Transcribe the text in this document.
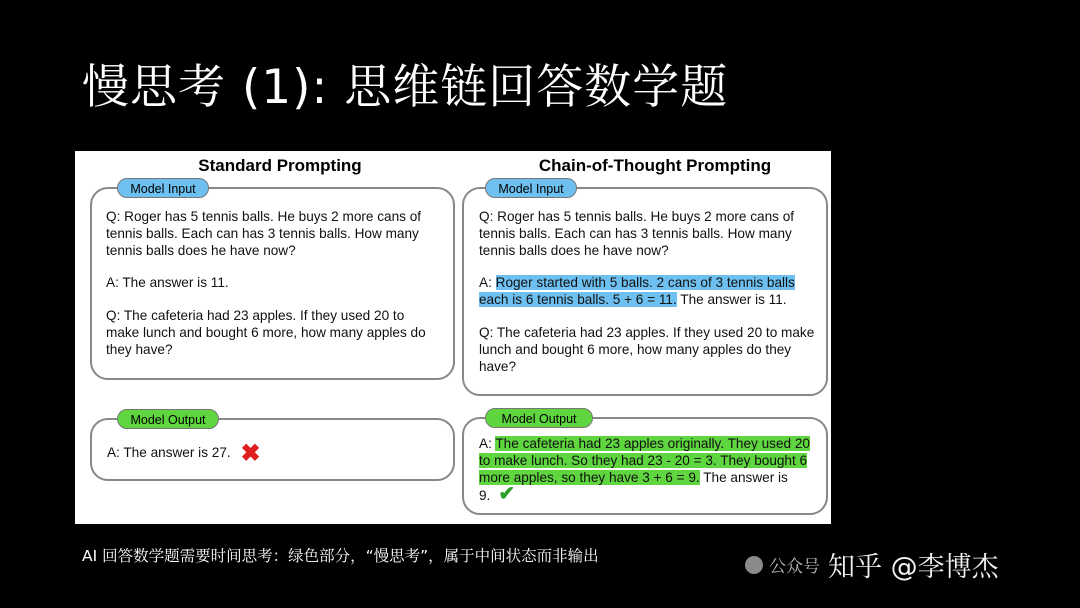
慢思考 (1): 思维链回答数学题
Standard Prompting
Model Input

Q: Roger has 5 tennis balls. He buys 2 more cans of tennis balls. Each can has 3 tennis balls. How many tennis balls does he have now?

A: The answer is 11.

Q: The cafeteria had 23 apples. If they used 20 to make lunch and bought 6 more, how many apples do they have?

Model Output
A: The answer is 27. ✖
Chain-of-Thought Prompting
Model Input

Q: Roger has 5 tennis balls. He buys 2 more cans of tennis balls. Each can has 3 tennis balls. How many tennis balls does he have now?

A: Roger started with 5 balls. 2 cans of 3 tennis balls each is 6 tennis balls. 5 + 6 = 11. The answer is 11.

Q: The cafeteria had 23 apples. If they used 20 to make lunch and bought 6 more, how many apples do they have?

Model Output

A: The cafeteria had 23 apples originally. They used 20 to make lunch. So they had 23 - 20 = 3. They bought 6 more apples, so they have 3 + 6 = 9. The answer is 9. ✔

AI 回答数学题需要时间思考：绿色部分，“慢思考”，属于中间状态而非输出
公众号 知乎 @李博杰
